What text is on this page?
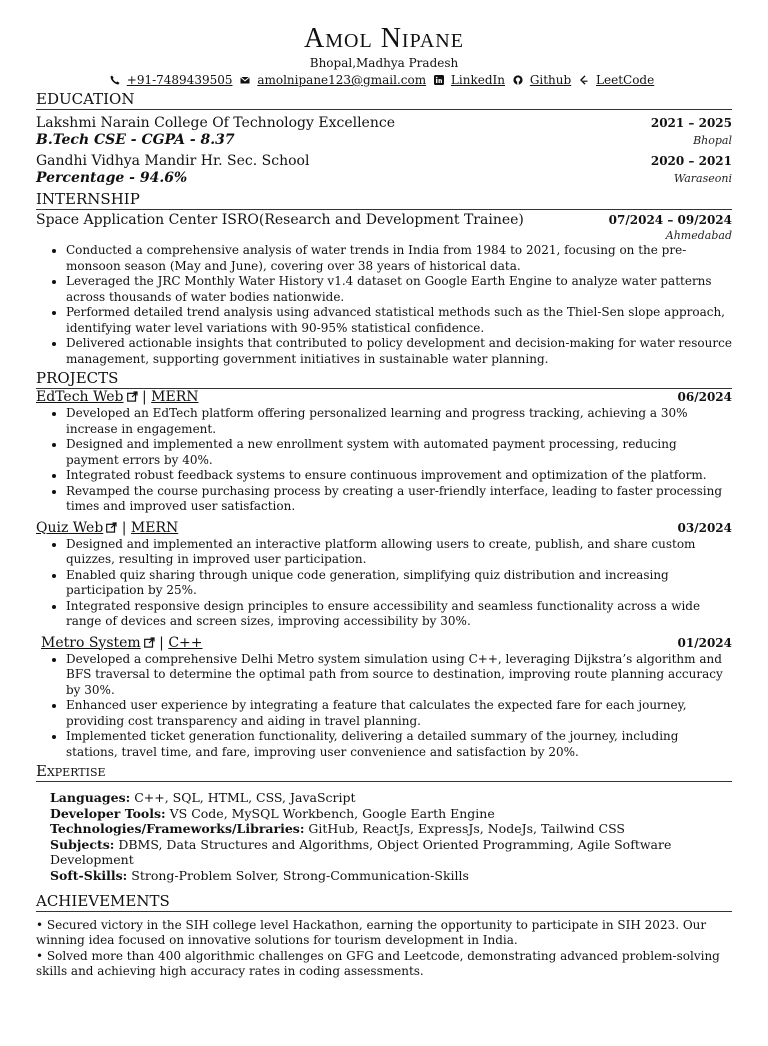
Amol Nipane
Bhopal,Madhya Pradesh
+91-7489439505 amolnipane123@gmail.com LinkedIn Github LeetCode
EDUCATION
Lakshmi Narain College Of Technology Excellence	2021 – 2025
B.Tech CSE - CGPA - 8.37	Bhopal
Gandhi Vidhya Mandir Hr. Sec. School	2020 – 2021
Percentage - 94.6%	Waraseoni
INTERNSHIP
Space Application Center ISRO(Research and Development Trainee)	07/2024 – 09/2024
Ahmedabad
• Conducted a comprehensive analysis of water trends in India from 1984 to 2021, focusing on the pre-monsoon season (May and June), covering over 38 years of historical data.
• Leveraged the JRC Monthly Water History v1.4 dataset on Google Earth Engine to analyze water patterns across thousands of water bodies nationwide.
• Performed detailed trend analysis using advanced statistical methods such as the Thiel-Sen slope approach, identifying water level variations with 90-95% statistical confidence.
• Delivered actionable insights that contributed to policy development and decision-making for water resource management, supporting government initiatives in sustainable water planning.
PROJECTS
EdTech Web | MERN	06/2024
• Developed an EdTech platform offering personalized learning and progress tracking, achieving a 30% increase in engagement.
• Designed and implemented a new enrollment system with automated payment processing, reducing payment errors by 40%.
• Integrated robust feedback systems to ensure continuous improvement and optimization of the platform.
• Revamped the course purchasing process by creating a user-friendly interface, leading to faster processing times and improved user satisfaction.
Quiz Web | MERN	03/2024
• Designed and implemented an interactive platform allowing users to create, publish, and share custom quizzes, resulting in improved user participation.
• Enabled quiz sharing through unique code generation, simplifying quiz distribution and increasing participation by 25%.
• Integrated responsive design principles to ensure accessibility and seamless functionality across a wide range of devices and screen sizes, improving accessibility by 30%.
Metro System | C++	01/2024
• Developed a comprehensive Delhi Metro system simulation using C++, leveraging Dijkstra’s algorithm and BFS traversal to determine the optimal path from source to destination, improving route planning accuracy by 30%.
• Enhanced user experience by integrating a feature that calculates the expected fare for each journey, providing cost transparency and aiding in travel planning.
• Implemented ticket generation functionality, delivering a detailed summary of the journey, including stations, travel time, and fare, improving user convenience and satisfaction by 20%.
Expertise
Languages: C++, SQL, HTML, CSS, JavaScript
Developer Tools: VS Code, MySQL Workbench, Google Earth Engine
Technologies/Frameworks/Libraries: GitHub, ReactJs, ExpressJs, NodeJs, Tailwind CSS
Subjects: DBMS, Data Structures and Algorithms, Object Oriented Programming, Agile Software Development
Soft-Skills: Strong-Problem Solver, Strong-Communication-Skills
ACHIEVEMENTS
• Secured victory in the SIH college level Hackathon, earning the opportunity to participate in SIH 2023. Our winning idea focused on innovative solutions for tourism development in India.
• Solved more than 400 algorithmic challenges on GFG and Leetcode, demonstrating advanced problem-solving skills and achieving high accuracy rates in coding assessments.
